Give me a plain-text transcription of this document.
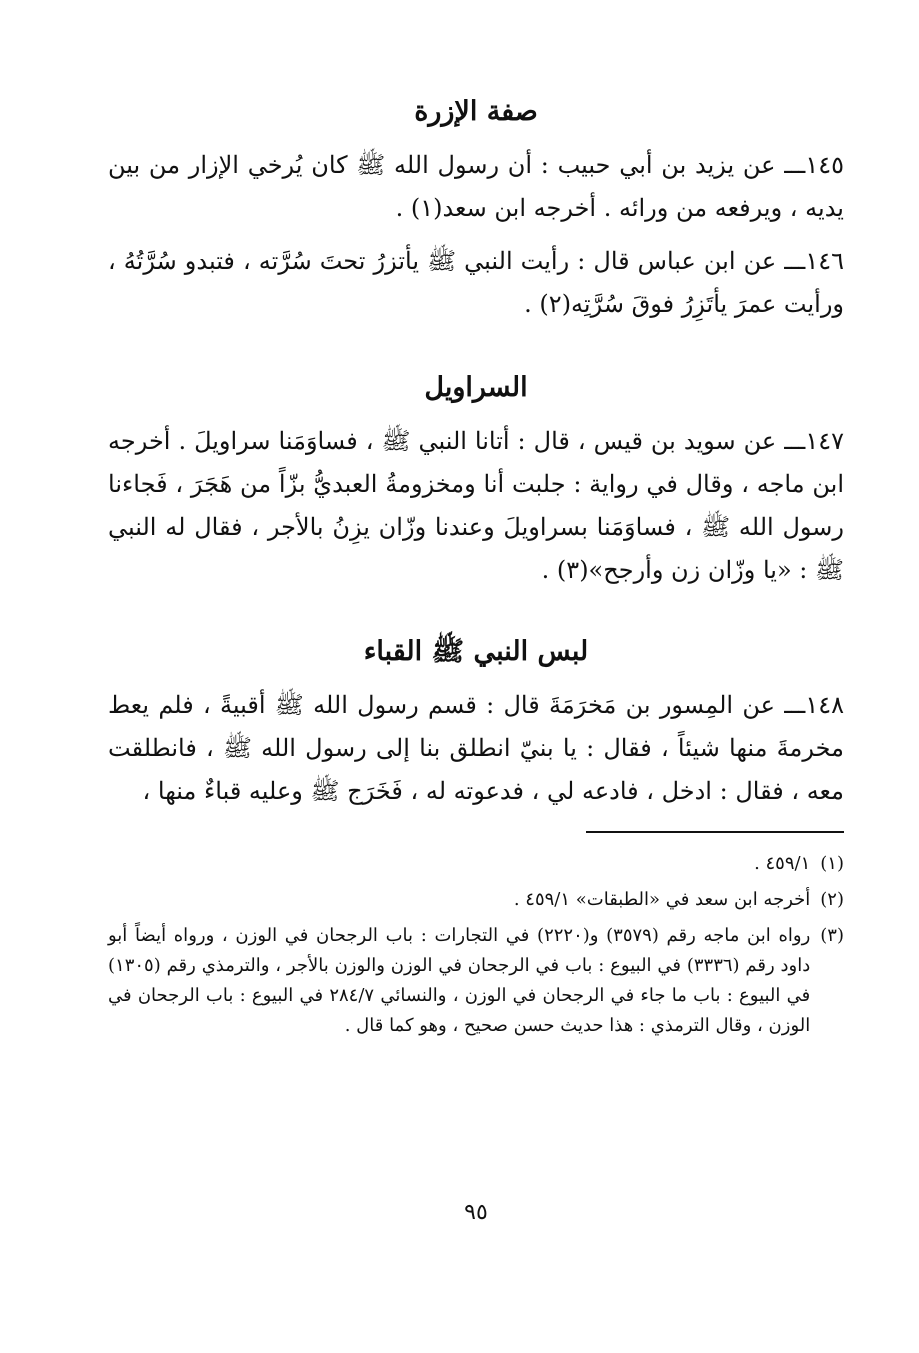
صفة الإزرة

١٤٥ـــ عن يزيد بن أبي حبيب : أن رسول الله ﷺ كان يُرخي الإزار من بين يديه ، ويرفعه من ورائه . أخرجه ابن سعد(١) .

١٤٦ـــ عن ابن عباس قال : رأيت النبي ﷺ يأتزرُ تحتَ سُرَّته ، فتبدو سُرَّتُهُ ، ورأيت عمرَ يأتَزِرُ فوقَ سُرَّتِه(٢) .

السراويل

١٤٧ـــ عن سويد بن قيس ، قال : أتانا النبي ﷺ ، فساوَمَنا سراويلَ . أخرجه ابن ماجه ، وقال في رواية : جلبت أنا ومخزومةُ العبديُّ بزّاً من هَجَرَ ، فَجاءنا رسول الله ﷺ ، فساوَمَنا بسراويلَ وعندنا وزّان يزِنُ بالأجر ، فقال له النبي ﷺ : «يا وزّان زن وأرجح»(٣) .

لبس النبي ﷺ القباء

١٤٨ـــ عن المِسور بن مَخرَمَةَ قال : قسم رسول الله ﷺ أقبيةً ، فلم يعط مخرمةَ منها شيئاً ، فقال : يا بنيّ انطلق بنا إلى رسول الله ﷺ ، فانطلقت معه ، فقال : ادخل ، فادعه لي ، فدعوته له ، فَخَرَج ﷺ وعليه قباءٌ منها ،

(١)
٤٥٩/١ .
(٢)
أخرجه ابن سعد في «الطبقات» ٤٥٩/١ .
(٣)
رواه ابن ماجه رقم (٣٥٧٩) و(٢٢٢٠) في التجارات : باب الرجحان في الوزن ، ورواه أيضاً أبو داود رقم (٣٣٣٦) في البيوع : باب في الرجحان في الوزن والوزن بالأجر ، والترمذي رقم (١٣٠٥) في البيوع : باب ما جاء في الرجحان في الوزن ، والنسائي ٢٨٤/٧ في البيوع : باب الرجحان في الوزن ، وقال الترمذي : هذا حديث حسن صحيح ، وهو كما قال .
٩٥
